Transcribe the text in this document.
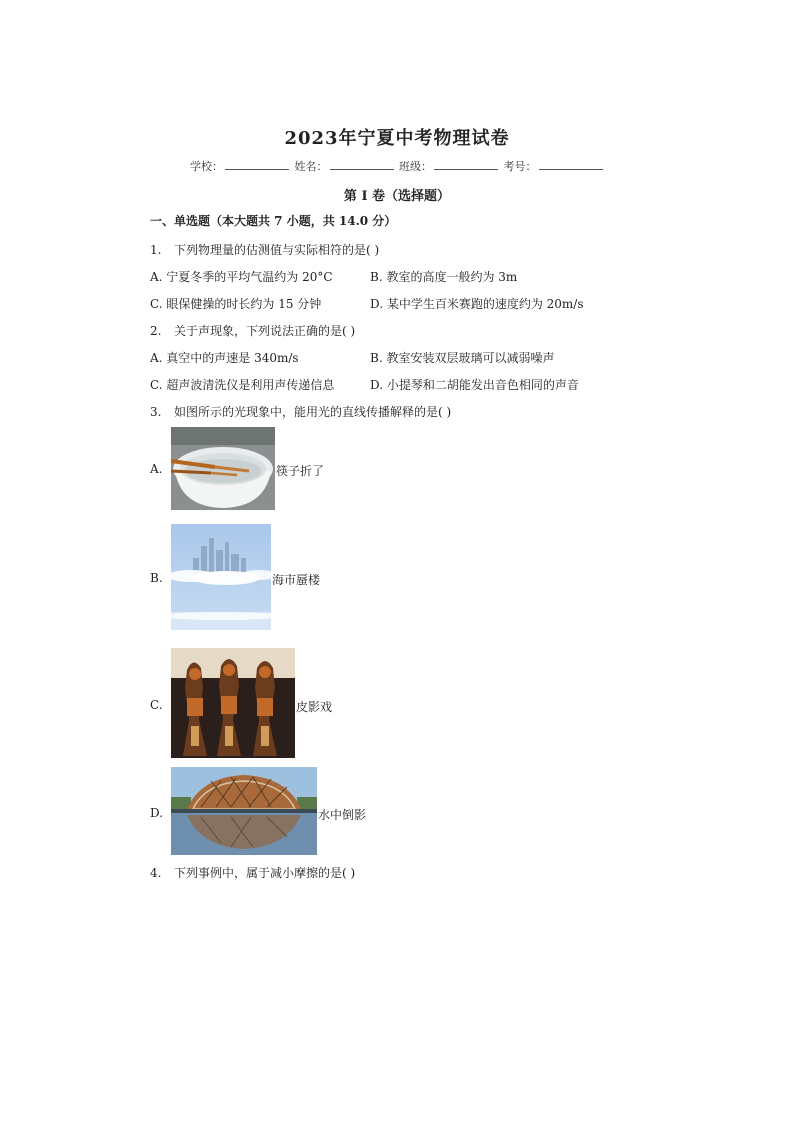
2023年宁夏中考物理试卷
学校：	姓名：	班级：	考号：
第 I 卷（选择题）
一、单选题（本大题共 7 小题，共 14.0 分）
1. 下列物理量的估测值与实际相符的是( )
A. 宁夏冬季的平均气温约为 20°C	B. 教室的高度一般约为 3m
C. 眼保健操的时长约为 15 分钟	D. 某中学生百米赛跑的速度约为 20m/s
2. 关于声现象，下列说法正确的是( )
A. 真空中的声速是 340m/s	B. 教室安装双层玻璃可以减弱噪声
C. 超声波清洗仪是利用声传递信息	D. 小提琴和二胡能发出音色相同的声音
3. 如图所示的光现象中，能用光的直线传播解释的是( )
A.	筷子折了
B.	海市蜃楼
C.	皮影戏
D.	水中倒影
4. 下列事例中，属于减小摩擦的是( )
